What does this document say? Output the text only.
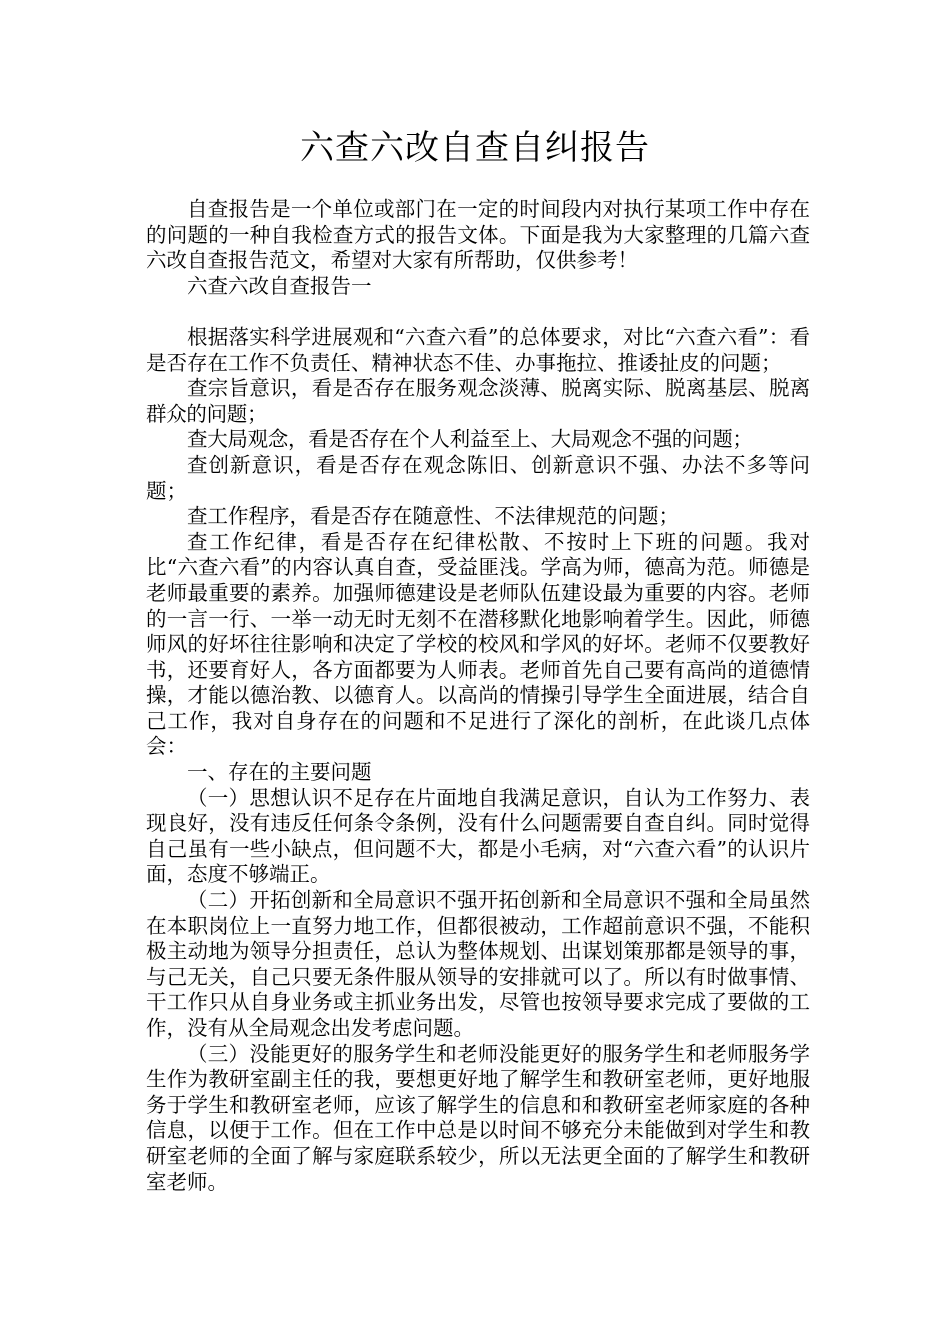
六查六改自查自纠报告

自查报告是一个单位或部门在一定的时间段内对执行某项工作中存在的问题的一种自我检查方式的报告文体。下面是我为大家整理的几篇六查六改自查报告范文，希望对大家有所帮助，仅供参考！

六查六改自查报告一

根据落实科学进展观和“六查六看”的总体要求，对比“六查六看”：看是否存在工作不负责任、精神状态不佳、办事拖拉、推诿扯皮的问题；

查宗旨意识，看是否存在服务观念淡薄、脱离实际、脱离基层、脱离群众的问题；

查大局观念，看是否存在个人利益至上、大局观念不强的问题；

查创新意识，看是否存在观念陈旧、创新意识不强、办法不多等问题；

查工作程序，看是否存在随意性、不法律规范的问题；

查工作纪律，看是否存在纪律松散、不按时上下班的问题。我对比“六查六看”的内容认真自查，受益匪浅。学高为师，德高为范。师德是老师最重要的素养。加强师德建设是老师队伍建设最为重要的内容。老师的一言一行、一举一动无时无刻不在潜移默化地影响着学生。因此，师德师风的好坏往往影响和决定了学校的校风和学风的好坏。老师不仅要教好书，还要育好人，各方面都要为人师表。老师首先自己要有高尚的道德情操，才能以德治教、以德育人。以高尚的情操引导学生全面进展，结合自己工作，我对自身存在的问题和不足进行了深化的剖析，在此谈几点体会：

一、存在的主要问题

（一）思想认识不足存在片面地自我满足意识，自认为工作努力、表现良好，没有违反任何条令条例，没有什么问题需要自查自纠。同时觉得自己虽有一些小缺点，但问题不大，都是小毛病，对“六查六看”的认识片面，态度不够端正。

（二）开拓创新和全局意识不强开拓创新和全局意识不强和全局虽然在本职岗位上一直努力地工作，但都很被动，工作超前意识不强，不能积极主动地为领导分担责任，总认为整体规划、出谋划策那都是领导的事，与己无关，自己只要无条件服从领导的安排就可以了。所以有时做事情、干工作只从自身业务或主抓业务出发，尽管也按领导要求完成了要做的工作，没有从全局观念出发考虑问题。

（三）没能更好的服务学生和老师没能更好的服务学生和老师服务学生作为教研室副主任的我，要想更好地了解学生和教研室老师，更好地服务于学生和教研室老师，应该了解学生的信息和和教研室老师家庭的各种信息，以便于工作。但在工作中总是以时间不够充分未能做到对学生和教研室老师的全面了解与家庭联系较少，所以无法更全面的了解学生和教研室老师。
